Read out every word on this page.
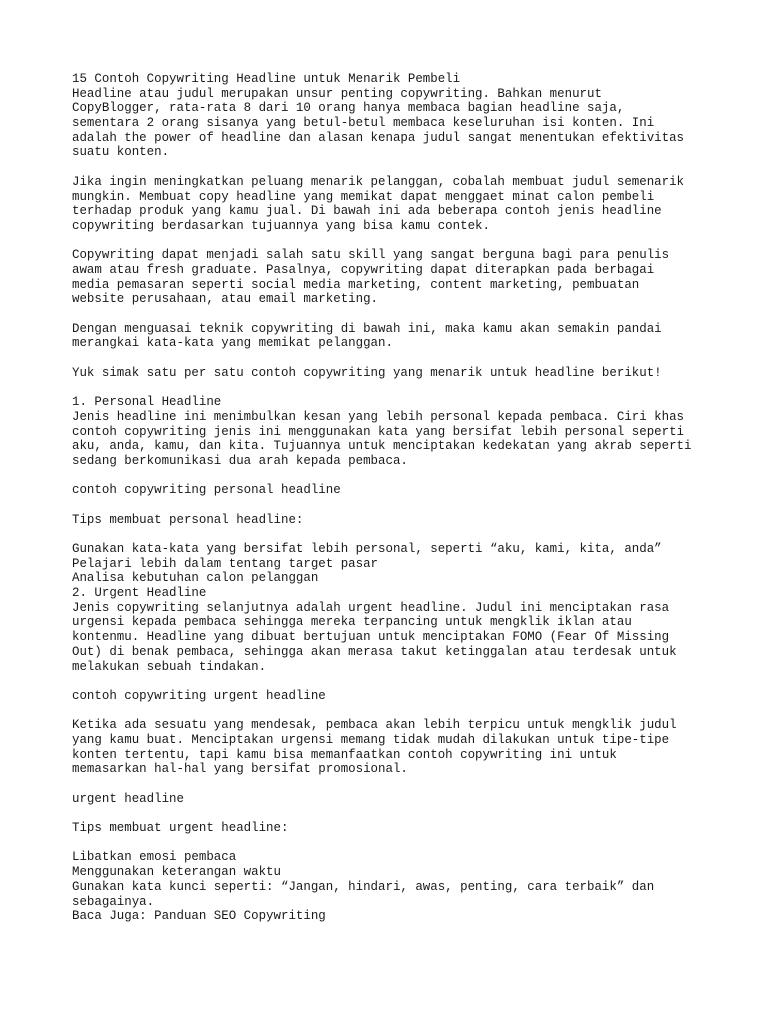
15 Contoh Copywriting Headline untuk Menarik Pembeli
Headline atau judul merupakan unsur penting copywriting. Bahkan menurut
CopyBlogger, rata-rata 8 dari 10 orang hanya membaca bagian headline saja,
sementara 2 orang sisanya yang betul-betul membaca keseluruhan isi konten. Ini
adalah the power of headline dan alasan kenapa judul sangat menentukan efektivitas
suatu konten.
Jika ingin meningkatkan peluang menarik pelanggan, cobalah membuat judul semenarik
mungkin. Membuat copy headline yang memikat dapat menggaet minat calon pembeli
terhadap produk yang kamu jual. Di bawah ini ada beberapa contoh jenis headline
copywriting berdasarkan tujuannya yang bisa kamu contek.
Copywriting dapat menjadi salah satu skill yang sangat berguna bagi para penulis
awam atau fresh graduate. Pasalnya, copywriting dapat diterapkan pada berbagai
media pemasaran seperti social media marketing, content marketing, pembuatan
website perusahaan, atau email marketing.
Dengan menguasai teknik copywriting di bawah ini, maka kamu akan semakin pandai
merangkai kata-kata yang memikat pelanggan.
Yuk simak satu per satu contoh copywriting yang menarik untuk headline berikut!
1. Personal Headline
Jenis headline ini menimbulkan kesan yang lebih personal kepada pembaca. Ciri khas
contoh copywriting jenis ini menggunakan kata yang bersifat lebih personal seperti
aku, anda, kamu, dan kita. Tujuannya untuk menciptakan kedekatan yang akrab seperti
sedang berkomunikasi dua arah kepada pembaca.
contoh copywriting personal headline
Tips membuat personal headline:
Gunakan kata-kata yang bersifat lebih personal, seperti “aku, kami, kita, anda”
Pelajari lebih dalam tentang target pasar
Analisa kebutuhan calon pelanggan
2. Urgent Headline
Jenis copywriting selanjutnya adalah urgent headline. Judul ini menciptakan rasa
urgensi kepada pembaca sehingga mereka terpancing untuk mengklik iklan atau
kontenmu. Headline yang dibuat bertujuan untuk menciptakan FOMO (Fear Of Missing
Out) di benak pembaca, sehingga akan merasa takut ketinggalan atau terdesak untuk
melakukan sebuah tindakan.
contoh copywriting urgent headline
Ketika ada sesuatu yang mendesak, pembaca akan lebih terpicu untuk mengklik judul
yang kamu buat. Menciptakan urgensi memang tidak mudah dilakukan untuk tipe-tipe
konten tertentu, tapi kamu bisa memanfaatkan contoh copywriting ini untuk
memasarkan hal-hal yang bersifat promosional.
urgent headline
Tips membuat urgent headline:
Libatkan emosi pembaca
Menggunakan keterangan waktu
Gunakan kata kunci seperti: “Jangan, hindari, awas, penting, cara terbaik” dan
sebagainya.
Baca Juga: Panduan SEO Copywriting
